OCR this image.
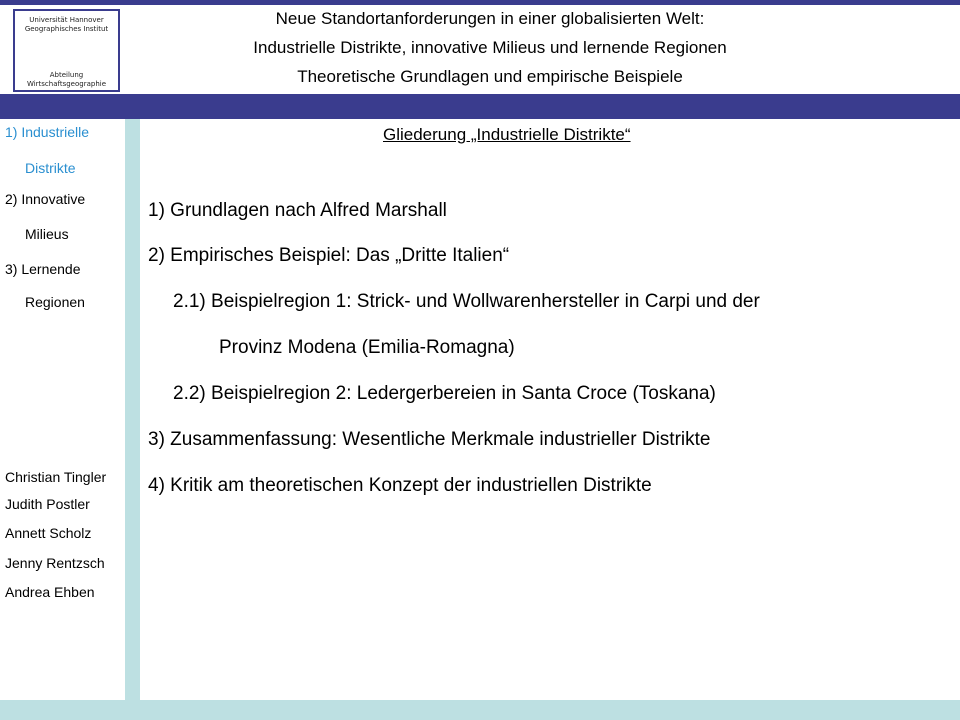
Universität Hannover
Geographisches Institut
Abteilung
Wirtschaftsgeographie
Neue Standortanforderungen in einer globalisierten Welt:
Industrielle Distrikte, innovative Milieus und lernende Regionen
Theoretische Grundlagen und empirische Beispiele
1) Industrielle
Distrikte
2) Innovative
Milieus
3) Lernende
Regionen
Christian Tingler
Judith Postler
Annett Scholz
Jenny Rentzsch
Andrea Ehben
Gliederung „Industrielle Distrikte“
1) Grundlagen nach Alfred Marshall
2) Empirisches Beispiel: Das „Dritte Italien“
2.1) Beispielregion 1: Strick- und Wollwarenhersteller in Carpi und der
Provinz Modena (Emilia-Romagna)
2.2) Beispielregion 2: Ledergerbereien in Santa Croce (Toskana)
3) Zusammenfassung: Wesentliche Merkmale industrieller Distrikte
4) Kritik am theoretischen Konzept der industriellen Distrikte
